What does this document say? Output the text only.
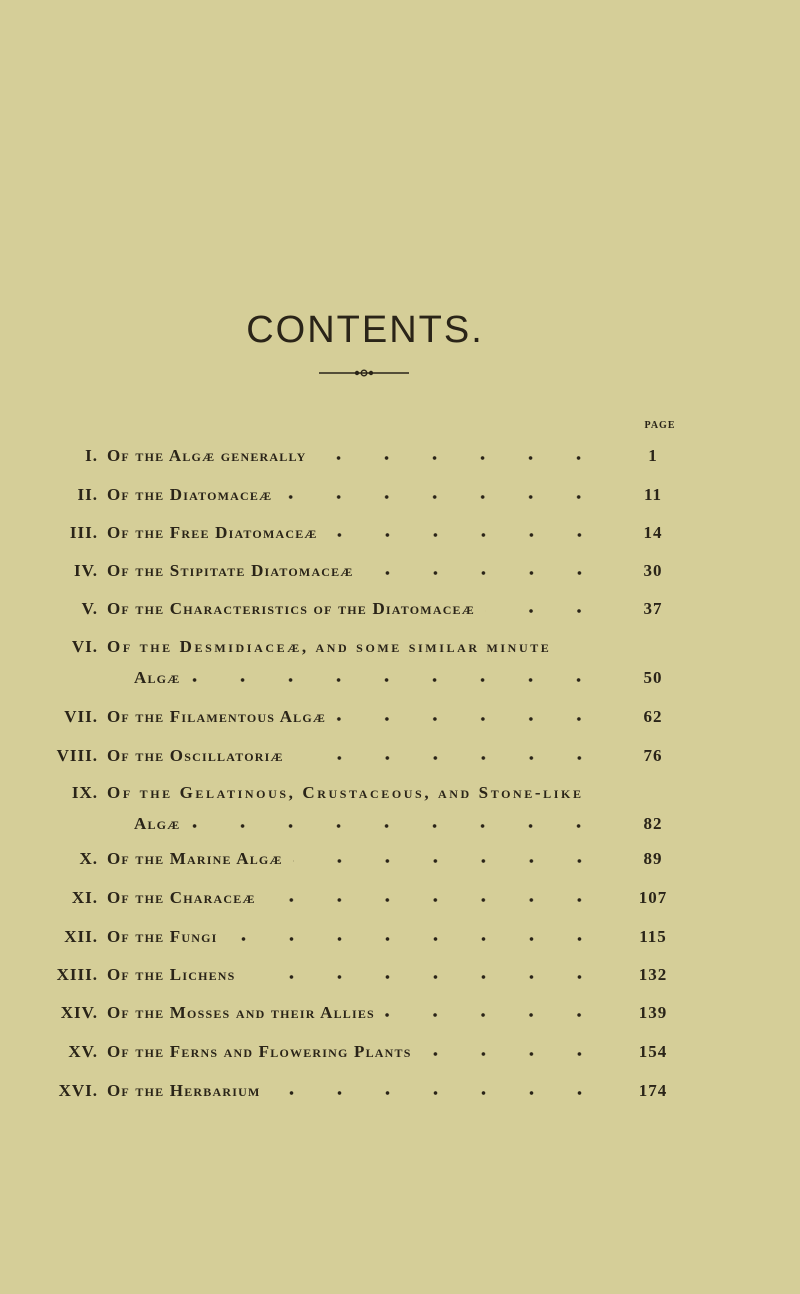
CONTENTS.
PAGE
I. Of the Algæ generally	1
II. Of the Diatomaceæ	11
III. Of the Free Diatomaceæ	14
IV. Of the Stipitate Diatomaceæ	30
V. Of the Characteristics of the Diatomaceæ	37
VI. Of the Desmidiaceæ, and some similar minute
Algæ	50
VII. Of the Filamentous Algæ	62
VIII. Of the Oscillatoriæ	76
IX. Of the Gelatinous, Crustaceous, and Stone-like
Algæ	82
X. Of the Marine Algæ	89
XI. Of the Characeæ	107
XII. Of the Fungi	115
XIII. Of the Lichens	132
XIV. Of the Mosses and their Allies	139
XV. Of the Ferns and Flowering Plants	154
XVI. Of the Herbarium	174
